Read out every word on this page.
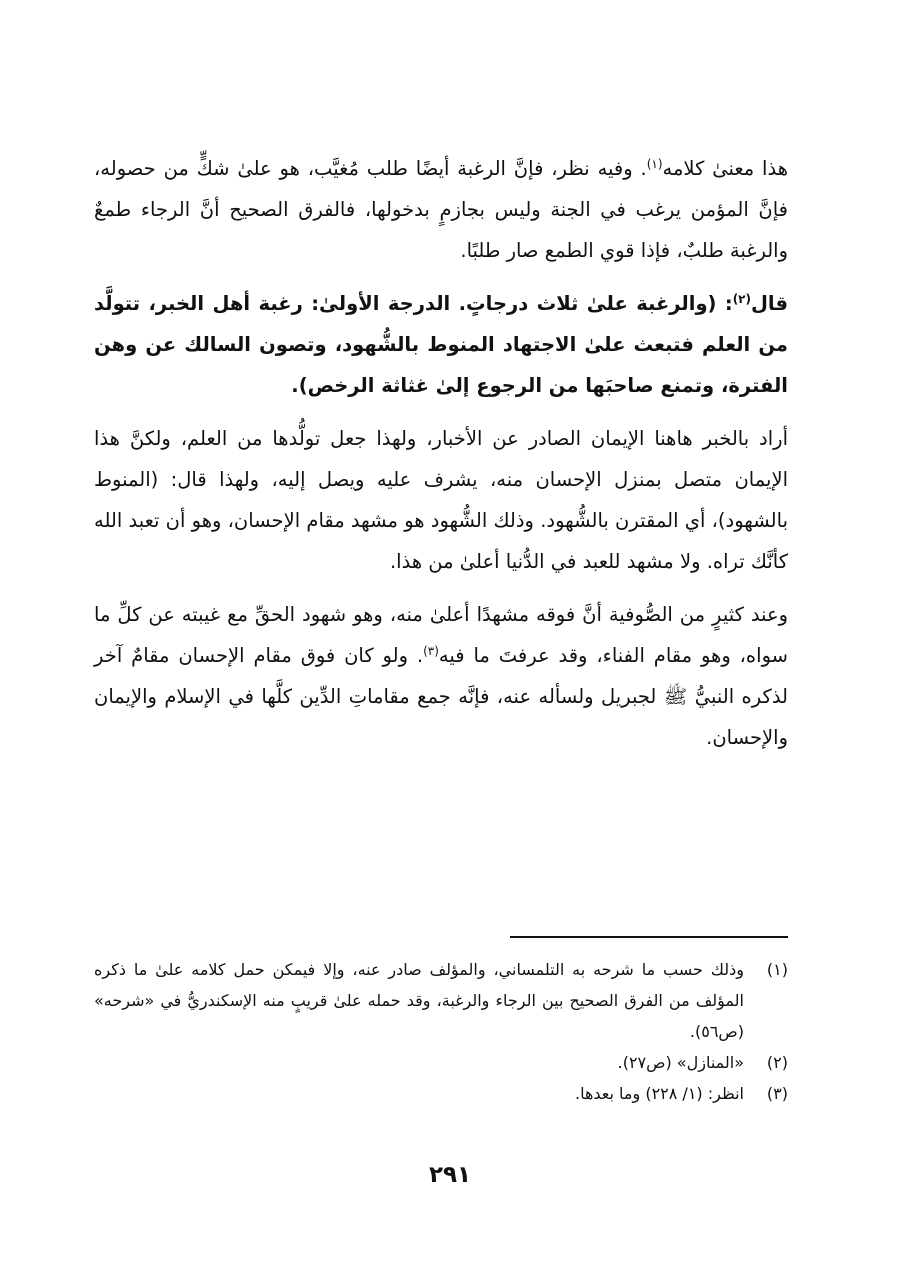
هذا معنىٰ كلامه$^{(١)}$. وفيه نظر، فإنَّ الرغبة أيضًا طلب مُغيَّب، هو علىٰ شكٍّ من حصوله، فإنَّ المؤمن يرغب في الجنة وليس بجازمٍ بدخولها، فالفرق الصحيح أنَّ الرجاء طمعٌ والرغبة طلبٌ، فإذا قوي الطمع صار طلبًا.

قال$^{(٢)}$: (والرغبة علىٰ ثلاث درجاتٍ. الدرجة الأولىٰ: رغبة أهل الخبر، تتولَّد من العلم فتبعث علىٰ الاجتهاد المنوط بالشُّهود، وتصون السالك عن وهن الفترة، وتمنع صاحبَها من الرجوع إلىٰ غثاثة الرخص).

أراد بالخبر هاهنا الإيمان الصادر عن الأخبار، ولهذا جعل تولُّدها من العلم، ولكنَّ هذا الإيمان متصل بمنزل الإحسان منه، يشرف عليه ويصل إليه، ولهذا قال: (المنوط بالشهود)، أي المقترن بالشُّهود. وذلك الشُّهود هو مشهد مقام الإحسان، وهو أن تعبد الله كأنَّك تراه. ولا مشهد للعبد في الدُّنيا أعلىٰ من هذا.

وعند كثيرٍ من الصُّوفية أنَّ فوقه مشهدًا أعلىٰ منه، وهو شهود الحقِّ مع غيبته عن كلِّ ما سواه، وهو مقام الفناء، وقد عرفتَ ما فيه$^{(٣)}$. ولو كان فوق مقام الإحسان مقامٌ آخر لذكره النبيُّ ﷺ لجبريل ولسأله عنه، فإنَّه جمع مقاماتِ الدِّين كلَّها في الإسلام والإيمان والإحسان.

(١)
وذلك حسب ما شرحه به التلمساني، والمؤلف صادر عنه، وإلا فيمكن حمل كلامه علىٰ ما ذكره المؤلف من الفرق الصحيح بين الرجاء والرغبة، وقد حمله علىٰ قريبٍ منه الإسكندريُّ في «شرحه» (ص٥٦).
(٢)
«المنازل» (ص٢٧).
(٣)
انظر: (١/ ٢٢٨) وما بعدها.
٢٩١
